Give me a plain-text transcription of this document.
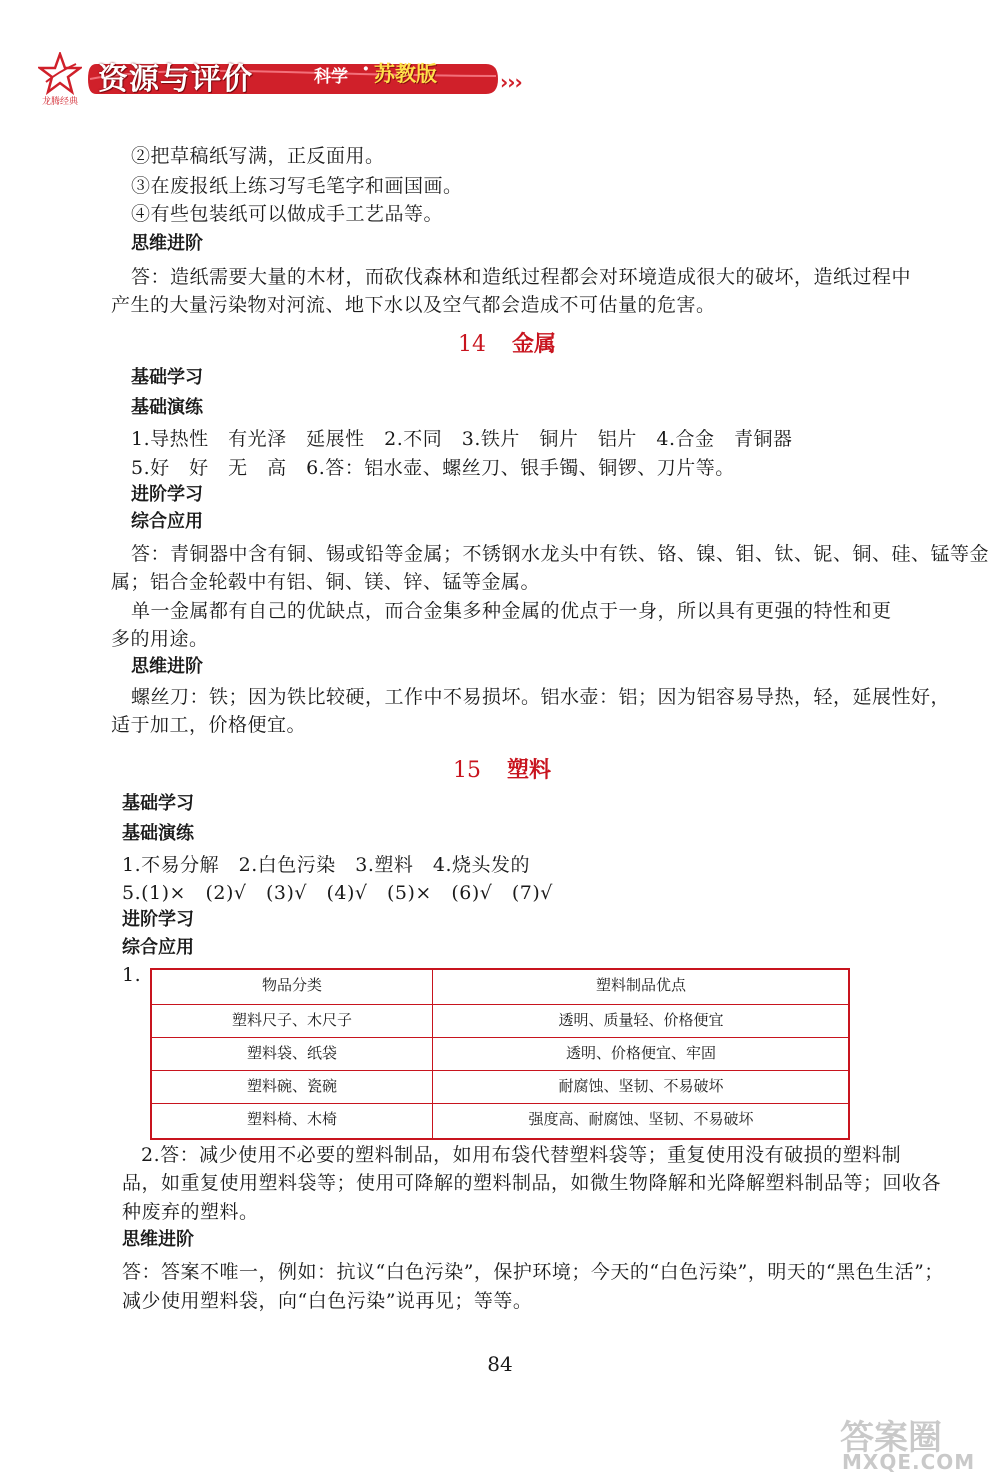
龙腾经典
资源与评价	科学 · 苏教版	›››
②把草稿纸写满，正反面用。
③在废报纸上练习写毛笔字和画国画。
④有些包装纸可以做成手工艺品等。
思维进阶
答：造纸需要大量的木材，而砍伐森林和造纸过程都会对环境造成很大的破坏，造纸过程中
产生的大量污染物对河流、地下水以及空气都会造成不可估量的危害。
14 金属
基础学习
基础演练
1.导热性　有光泽　延展性　2.不同　3.铁片　铜片　铝片　4.合金　青铜器
5.好　好　无　高　6.答：铝水壶、螺丝刀、银手镯、铜锣、刀片等。
进阶学习
综合应用
答：青铜器中含有铜、锡或铅等金属；不锈钢水龙头中有铁、铬、镍、钼、钛、铌、铜、硅、锰等金
属；铝合金轮毂中有铝、铜、镁、锌、锰等金属。
单一金属都有自己的优缺点，而合金集多种金属的优点于一身，所以具有更强的特性和更
多的用途。
思维进阶
螺丝刀：铁；因为铁比较硬，工作中不易损坏。铝水壶：铝；因为铝容易导热，轻，延展性好，
适于加工，价格便宜。
15 塑料
基础学习
基础演练
1.不易分解　2.白色污染　3.塑料　4.烧头发的
5.(1)×　(2)√　(3)√　(4)√　(5)×　(6)√　(7)√
进阶学习
综合应用
1.	物品分类	塑料制品优点
塑料尺子、木尺子	透明、质量轻、价格便宜
塑料袋、纸袋	透明、价格便宜、牢固
塑料碗、瓷碗	耐腐蚀、坚韧、不易破坏
塑料椅、木椅	强度高、耐腐蚀、坚韧、不易破坏
2.答：减少使用不必要的塑料制品，如用布袋代替塑料袋等；重复使用没有破损的塑料制
品，如重复使用塑料袋等；使用可降解的塑料制品，如微生物降解和光降解塑料制品等；回收各
种废弃的塑料。
思维进阶
答：答案不唯一，例如：抗议“白色污染”，保护环境；今天的“白色污染”，明天的“黑色生活”；
减少使用塑料袋，向“白色污染”说再见；等等。
84
答案圈
MXQE.COM
